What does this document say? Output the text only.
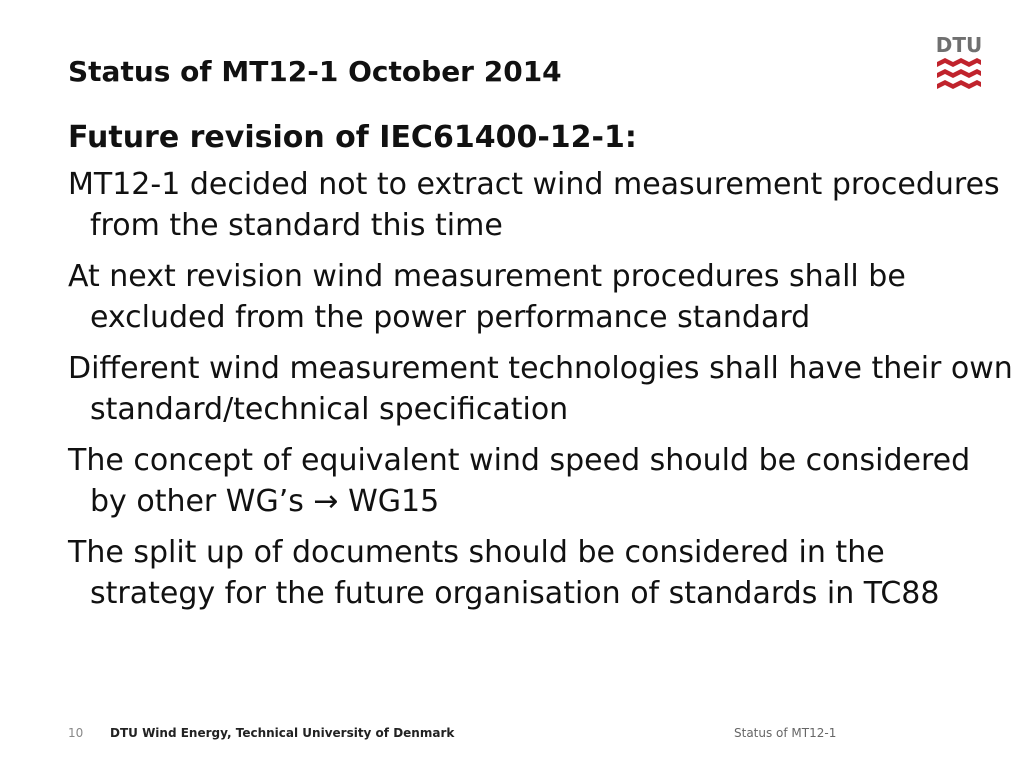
Status of MT12-1 October 2014
DTU
Future revision of IEC61400-12-1:
MT12-1 decided not to extract wind measurement procedures from the standard this time
At next revision wind measurement procedures shall be excluded from the power performance standard
Different wind measurement technologies shall have their own standard/technical specification
The concept of equivalent wind speed should be considered by other WG’s → WG15
The split up of documents should be considered in the strategy for the future organisation of standards in TC88
10 DTU Wind Energy, Technical University of Denmark	Status of MT12-1
